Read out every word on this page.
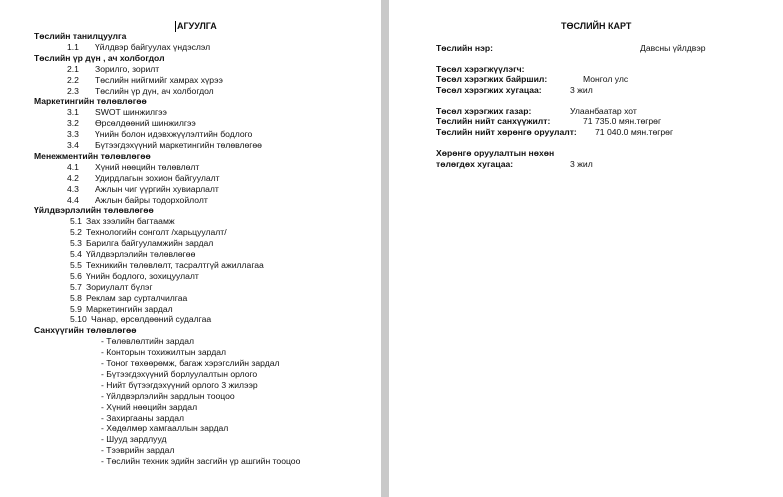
АГУУЛГА
Төслийн танилцуулга
1.1 Үйлдвэр байгуулах үндэслэл
Төслийн үр дүн , ач холбогдол
2.1 Зорилго, зорилт
2.2 Төслийн нийгмийг хамрах хүрээ
2.3 Төслийн үр дүн, ач холбогдол
Маркетингийн төлөвлөгөө
3.1 SWOT шинжилгээ
3.2 Өрсөлдөөний шинжилгээ
3.3 Үнийн болон идэвхжүүлэлтийн бодлого
3.4 Бүтээгдэхүүний маркетингийн төлөвлөгөө
Менежментийн төлөвлөгөө
4.1 Хүний нөөцийн төлөвлөлт
4.2 Удирдлагын зохион байгуулалт
4.3 Ажлын чиг үүргийн хувиарлалт
4.4 Ажлын байры тодорхойлолт
Үйлдвэрлэлийн төлөвлөгөө
5.1 Зах зээлийн багтаамж
5.2 Технологийн сонголт /харьцуулалт/
5.3 Барилга байгууламжийн зардал
5.4 Үйлдвэрлэлийн төлөвлөгөө
5.5 Техникийн төлөвлөлт, тасралтгүй ажиллагаа
5.6 Үнийн бодлого, зохицуулалт
5.7 Зориулалт бүлэг
5.8 Реклам зар сурталчилгаа
5.9 Маркетингийн зардал
5.10 Чанар, өрсөлдөөний судалгаа
Санхүүгийн төлөвлөгөө
- Төлөвлөлтийн зардал
- Конторын тохижилтын зардал
- Тоног төхөөрөмж, багаж хэрэгслийн зардал
- Бүтээгдэхүүний борлуулалтын орлого
- Нийт бүтээгдэхүүний орлого 3 жилээр
- Үйлдвэрлэлийн зардлын тооцоо
- Хүний нөөцийн зардал
- Захиргааны зардал
- Хөдөлмөр хамгааллын зардал
- Шууд зардлууд
- Тээврийн зардал
- Төслийн техник эдийн засгийн үр ашгийн тооцоо
ТӨСЛИЙН КАРТ
Төслийн нэр:	Давсны үйлдвэр
Төсөл хэрэгжүүлэгч:
Төсөл хэрэгжих байршил:	Монгол улс
Төсөл хэрэгжих хугацаа:	3 жил
Төсөл хэрэгжих газар:	Улаанбаатар хот
Төслийн нийт санхүүжилт:	71 735.0 мян.төгрөг
Төслийн нийт хөрөнгө оруулалт: 71 040.0 мян.төгрөг
Хөрөнгө оруулалтын нөхөн
төлөгдөх хугацаа:	3 жил
